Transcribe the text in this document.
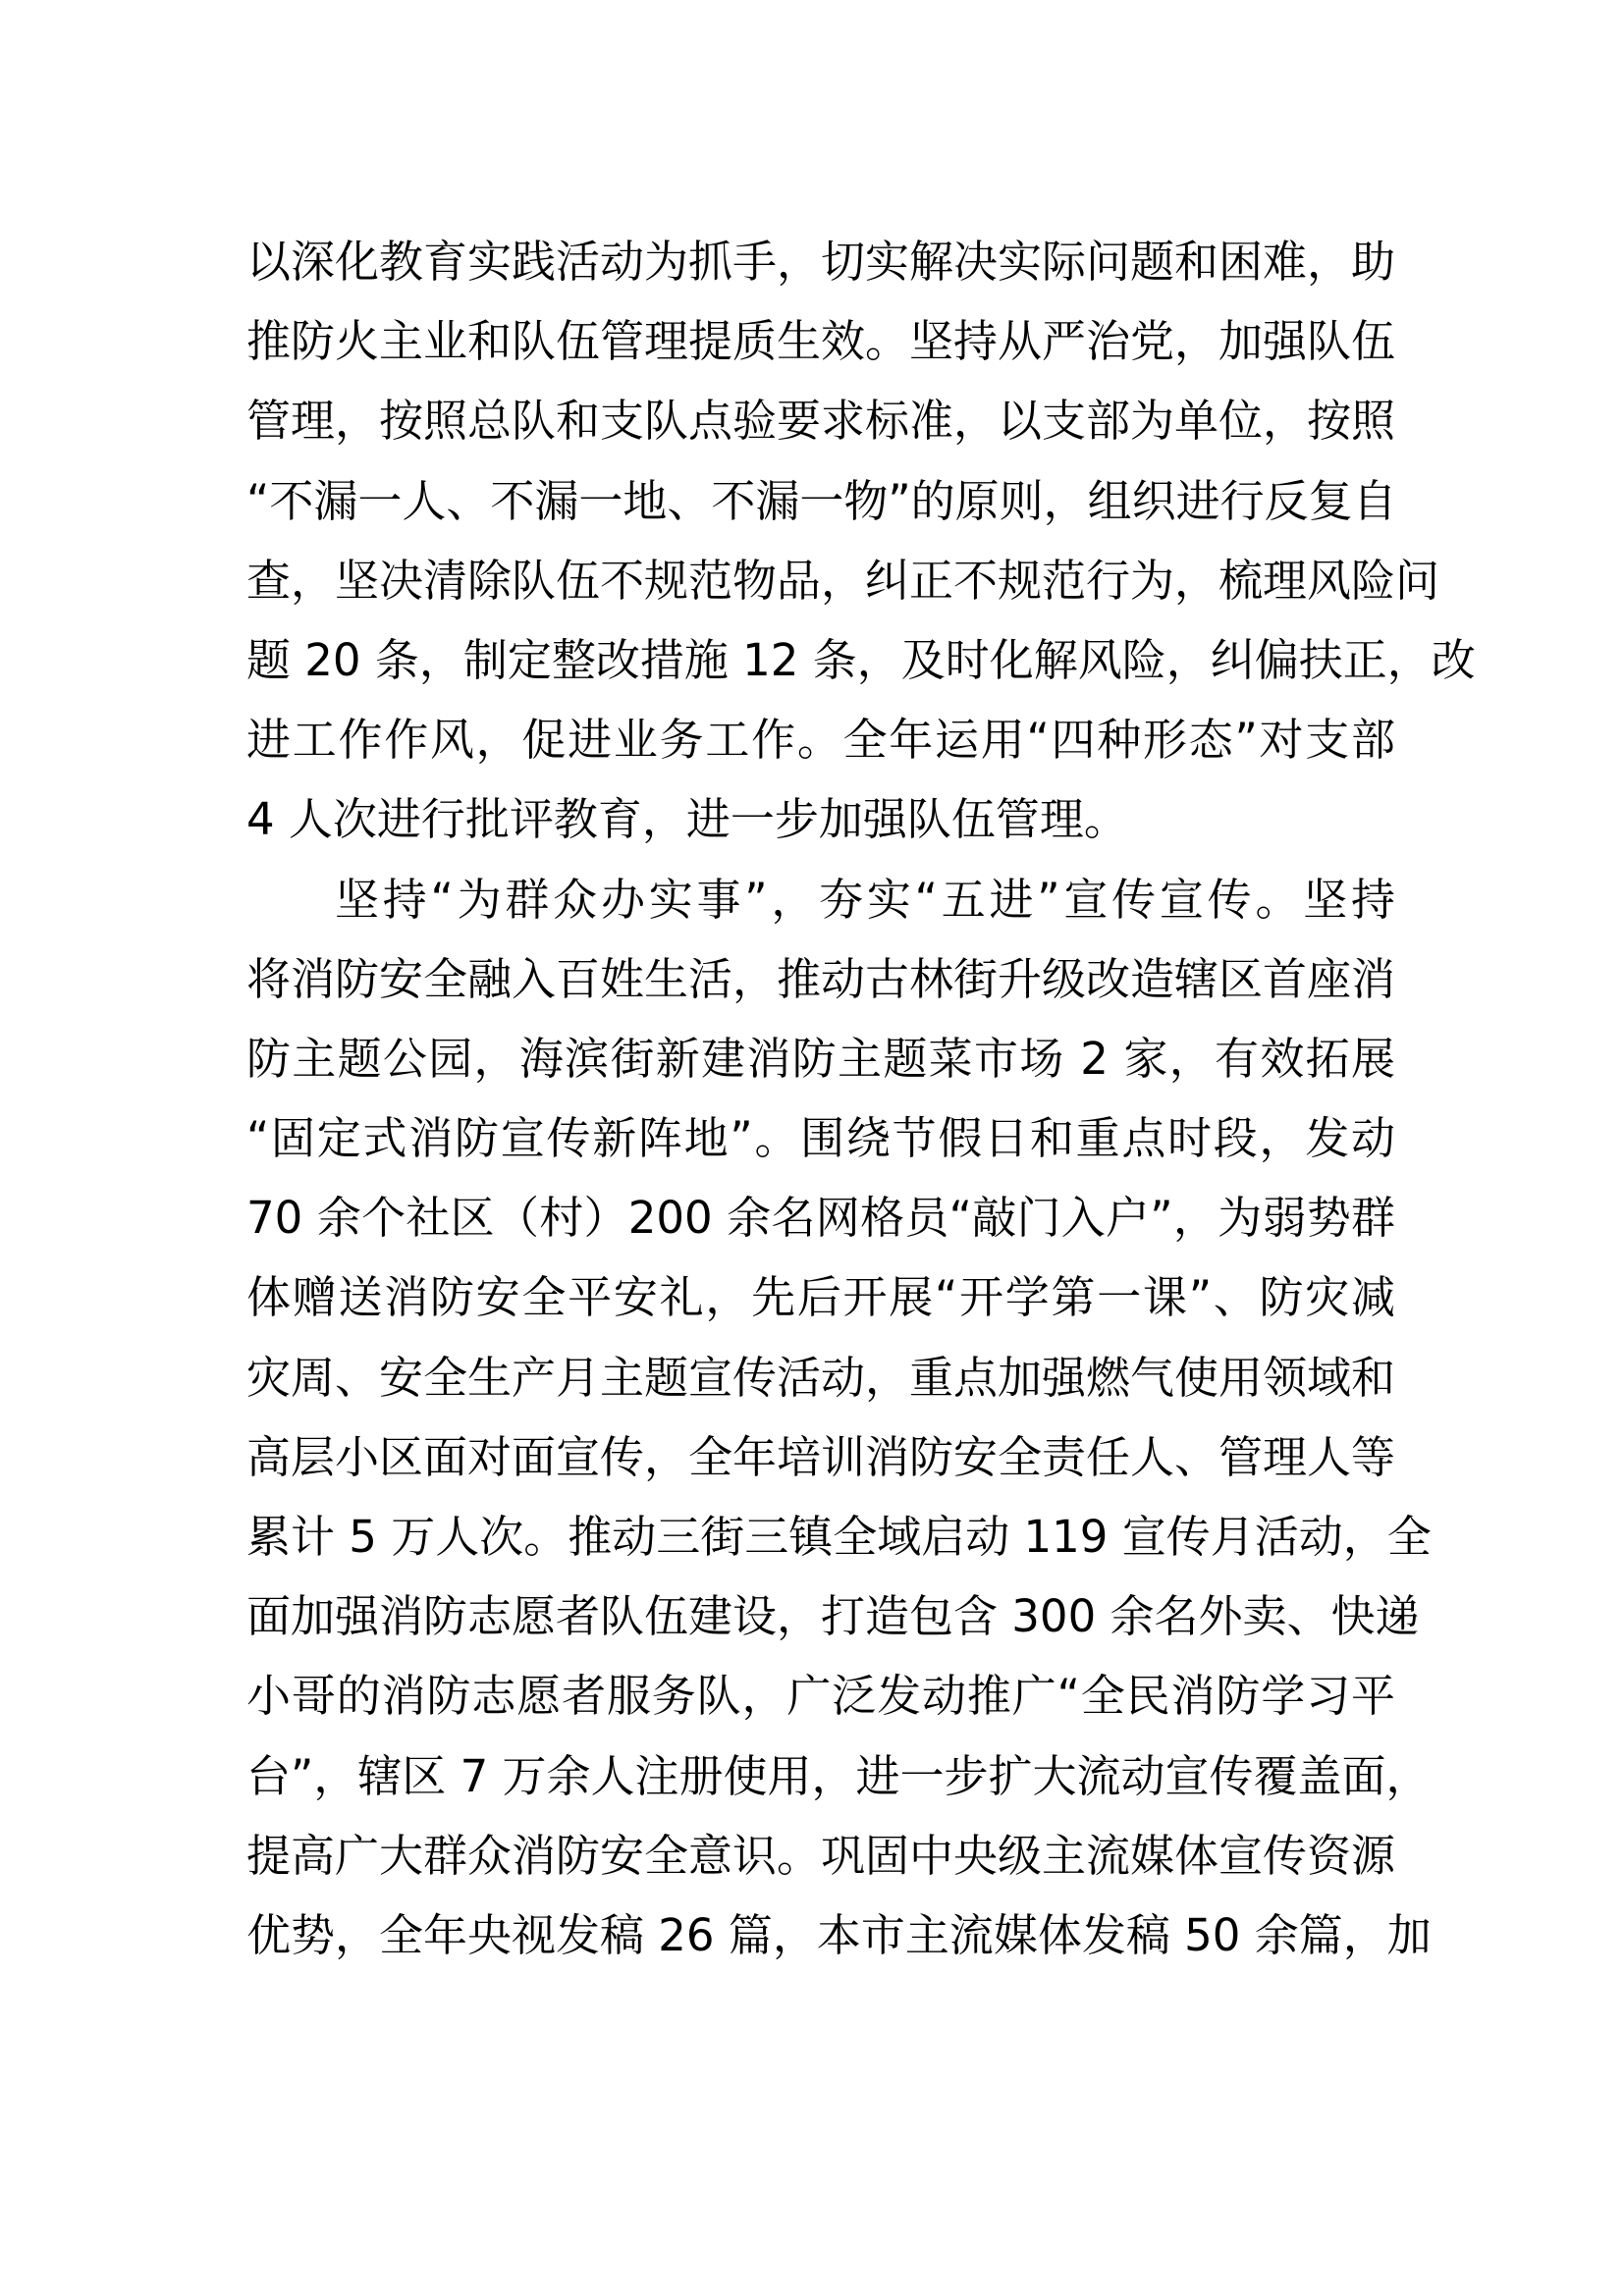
以深化教育实践活动为抓手，切实解决实际问题和困难，助
推防火主业和队伍管理提质生效。坚持从严治党，加强队伍
管理，按照总队和支队点验要求标准，以支部为单位，按照
“不漏一人、不漏一地、不漏一物”的原则，组织进行反复自
查，坚决清除队伍不规范物品，纠正不规范行为，梳理风险问
题 20 条，制定整改措施 12 条，及时化解风险，纠偏扶正，改
进工作作风，促进业务工作。全年运用“四种形态”对支部
4 人次进行批评教育，进一步加强队伍管理。
坚持“为群众办实事”，夯实“五进”宣传宣传。坚持
将消防安全融入百姓生活，推动古林街升级改造辖区首座消
防主题公园，海滨街新建消防主题菜市场 2 家，有效拓展
“固定式消防宣传新阵地”。围绕节假日和重点时段，发动
70 余个社区（村）200 余名网格员“敲门入户”，为弱势群
体赠送消防安全平安礼，先后开展“开学第一课”、防灾减
灾周、安全生产月主题宣传活动，重点加强燃气使用领域和
高层小区面对面宣传，全年培训消防安全责任人、管理人等
累计 5 万人次。推动三街三镇全域启动 119 宣传月活动，全
面加强消防志愿者队伍建设，打造包含 300 余名外卖、快递
小哥的消防志愿者服务队，广泛发动推广“全民消防学习平
台”，辖区 7 万余人注册使用，进一步扩大流动宣传覆盖面，
提高广大群众消防安全意识。巩固中央级主流媒体宣传资源
优势，全年央视发稿 26 篇，本市主流媒体发稿 50 余篇，加
